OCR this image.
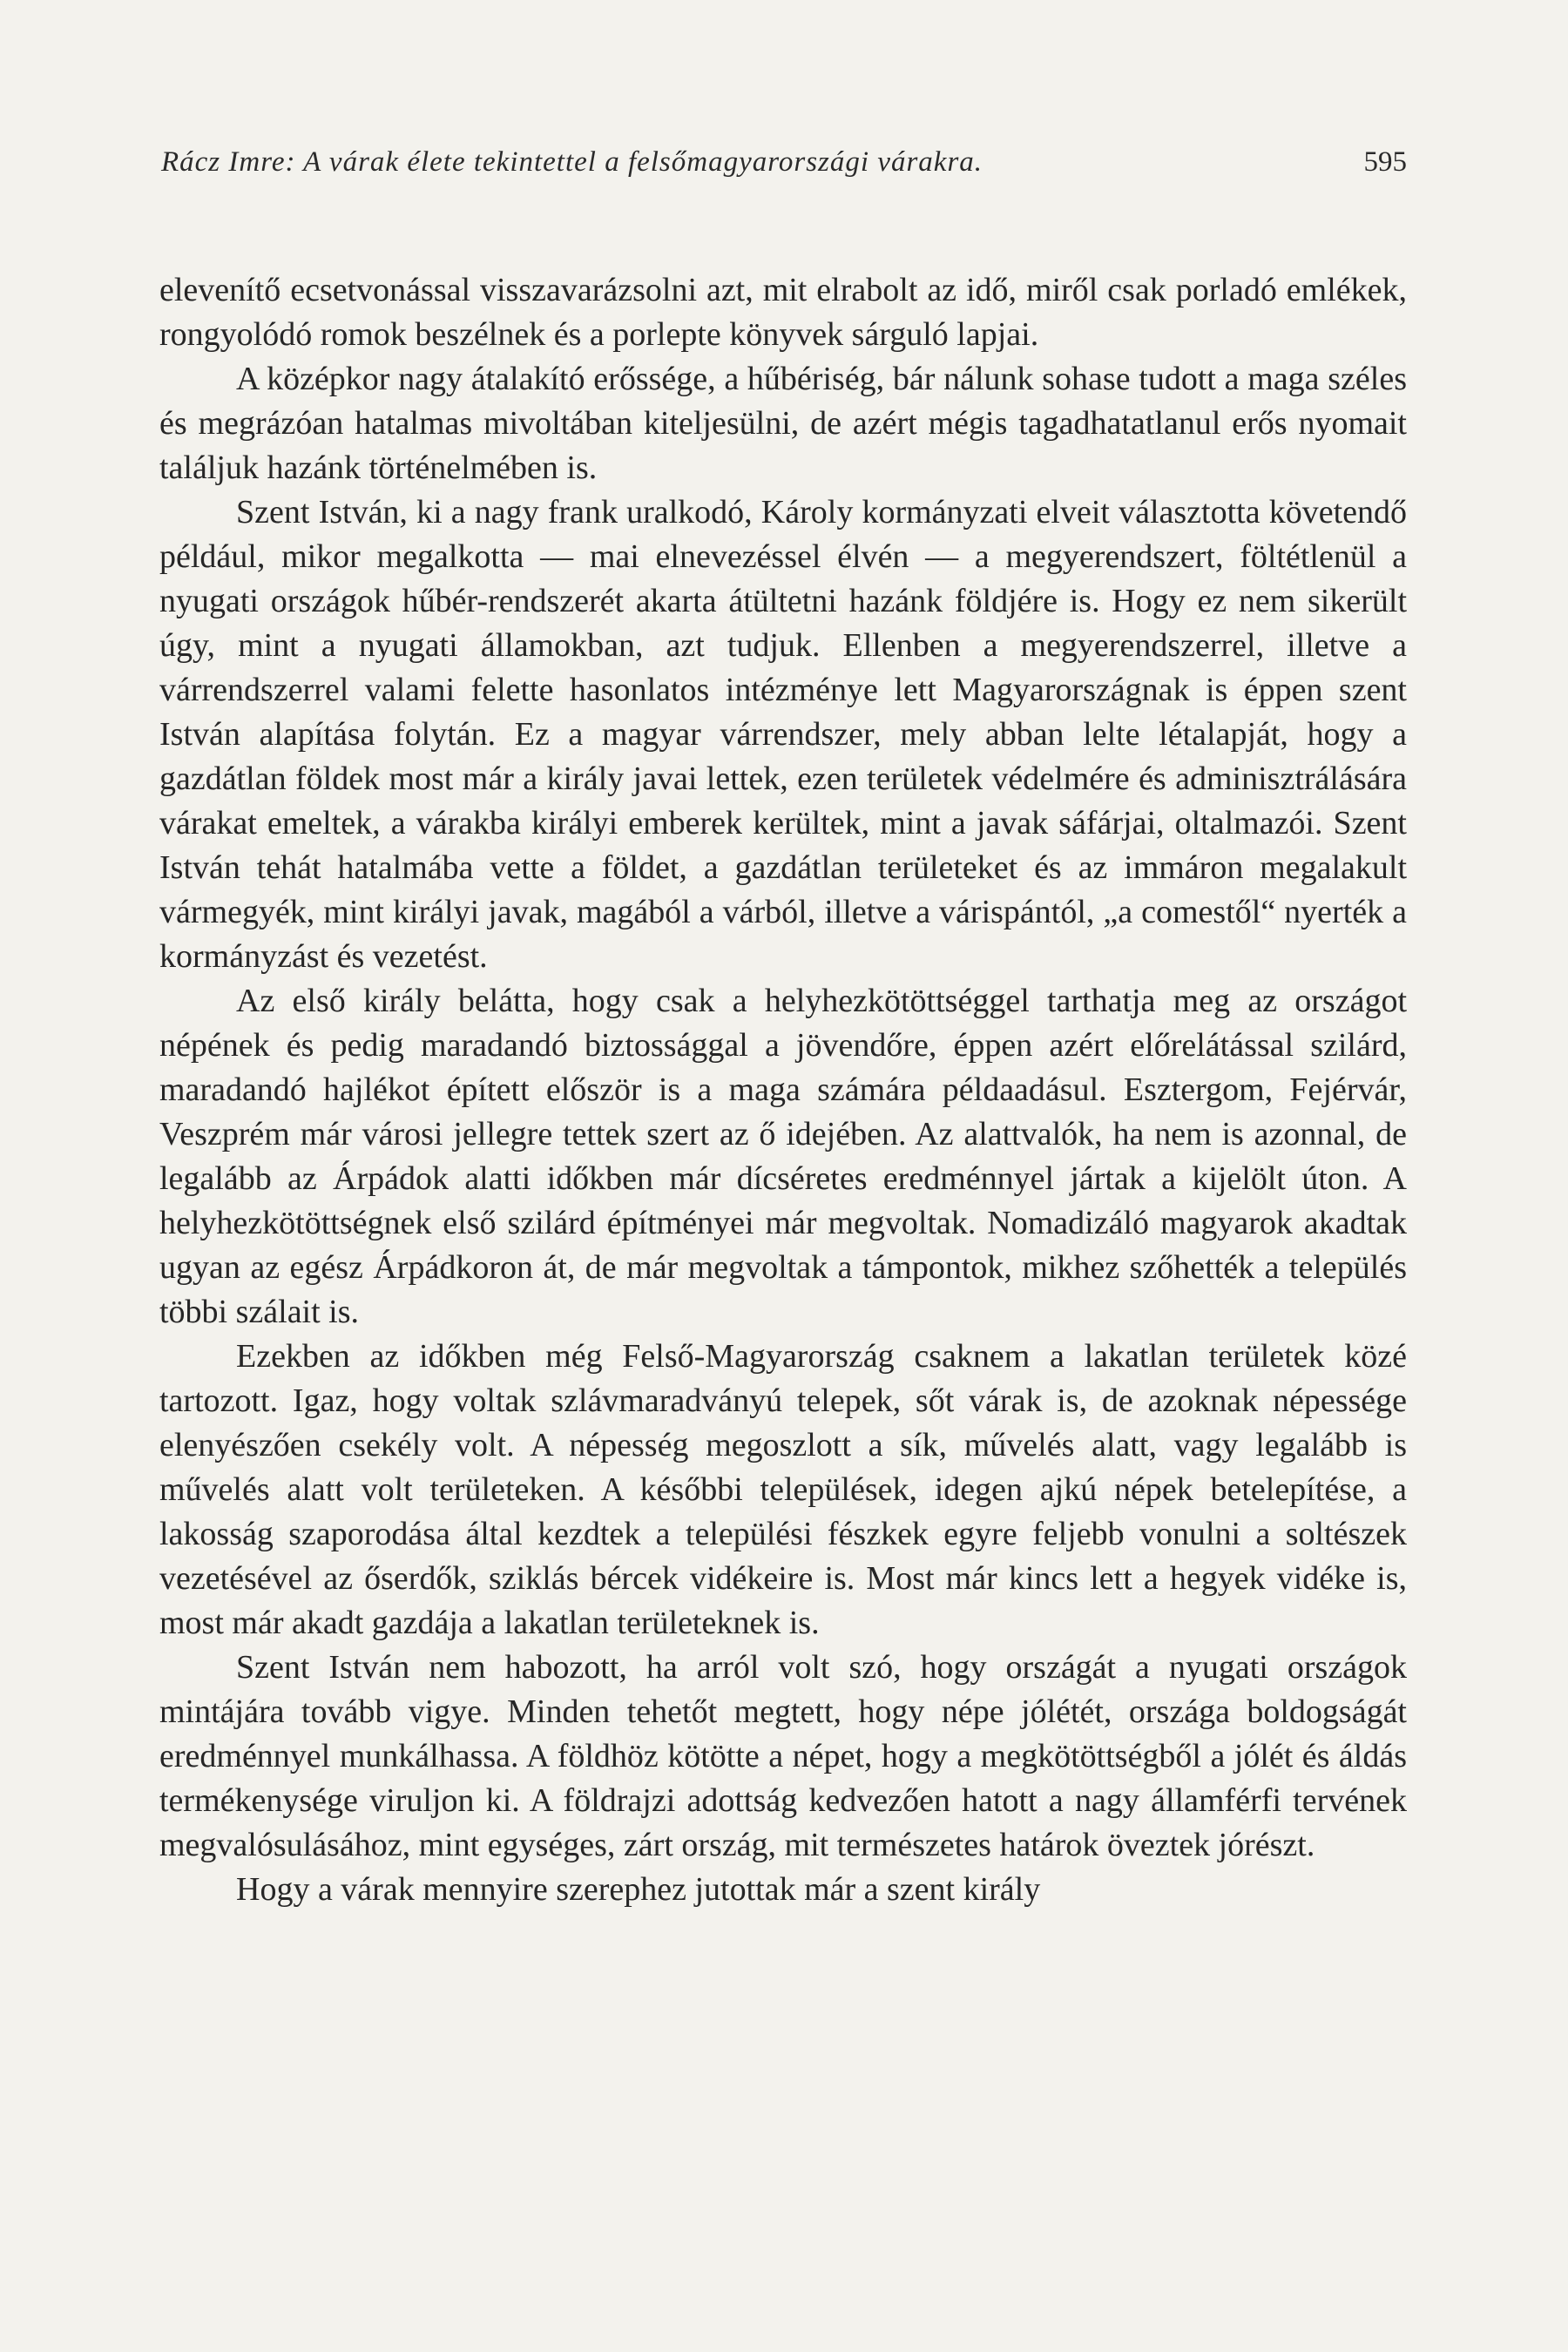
Rácz Imre: A várak élete tekintettel a felsőmagyarországi várakra.	595

elevenítő ecsetvonással visszavarázsolni azt, mit elrabolt az idő, miről csak porladó emlékek, rongyolódó romok beszélnek és a porlepte könyvek sárguló lapjai.

A középkor nagy átalakító erőssége, a hűbériség, bár nálunk sohase tudott a maga széles és megrázóan hatalmas mivoltában kiteljesülni, de azért mégis tagadhatatlanul erős nyomait találjuk hazánk történelmében is.

Szent István, ki a nagy frank uralkodó, Károly kormányzati elveit választotta követendő például, mikor megalkotta — mai elnevezéssel élvén — a megyerendszert, föltétlenül a nyugati országok hűbér-rendszerét akarta átültetni hazánk földjére is. Hogy ez nem sikerült úgy, mint a nyugati államokban, azt tudjuk. Ellenben a megyerendszerrel, illetve a várrendszerrel valami felette hasonlatos intézménye lett Magyarországnak is éppen szent István alapítása folytán. Ez a magyar várrendszer, mely abban lelte létalapját, hogy a gazdátlan földek most már a király javai lettek, ezen területek védelmére és adminisztrálására várakat emeltek, a várakba királyi emberek kerültek, mint a javak sáfárjai, oltalmazói. Szent István tehát hatalmába vette a földet, a gazdátlan területeket és az immáron megalakult vármegyék, mint királyi javak, magából a várból, illetve a várispántól, „a comestől“ nyerték a kormányzást és vezetést.

Az első király belátta, hogy csak a helyhezkötöttséggel tarthatja meg az országot népének és pedig maradandó biztossággal a jövendőre, éppen azért előrelátással szilárd, maradandó hajlékot épített először is a maga számára példaadásul. Esztergom, Fejérvár, Veszprém már városi jellegre tettek szert az ő idejében. Az alattvalók, ha nem is azonnal, de legalább az Árpádok alatti időkben már dícséretes eredménnyel jártak a kijelölt úton. A helyhezkötöttségnek első szilárd építményei már megvoltak. Nomadizáló magyarok akadtak ugyan az egész Árpádkoron át, de már megvoltak a támpontok, mikhez szőhették a település többi szálait is.

Ezekben az időkben még Felső-Magyarország csaknem a lakatlan területek közé tartozott. Igaz, hogy voltak szlávmaradványú telepek, sőt várak is, de azoknak népessége elenyészően csekély volt. A népesség megoszlott a sík, művelés alatt, vagy legalább is művelés alatt volt területeken. A későbbi települések, idegen ajkú népek betelepítése, a lakosság szaporodása által kezdtek a települési fészkek egyre feljebb vonulni a soltészek vezetésével az őserdők, sziklás bércek vidékeire is. Most már kincs lett a hegyek vidéke is, most már akadt gazdája a lakatlan területeknek is.

Szent István nem habozott, ha arról volt szó, hogy országát a nyugati országok mintájára tovább vigye. Minden tehetőt megtett, hogy népe jólétét, országa boldogságát eredménnyel munkálhassa. A földhöz kötötte a népet, hogy a megkötöttségből a jólét és áldás termékenysége viruljon ki. A földrajzi adottság kedvezően hatott a nagy államférfi tervének megvalósulásához, mint egységes, zárt ország, mit természetes határok öveztek jórészt.

Hogy a várak mennyire szerephez jutottak már a szent király
